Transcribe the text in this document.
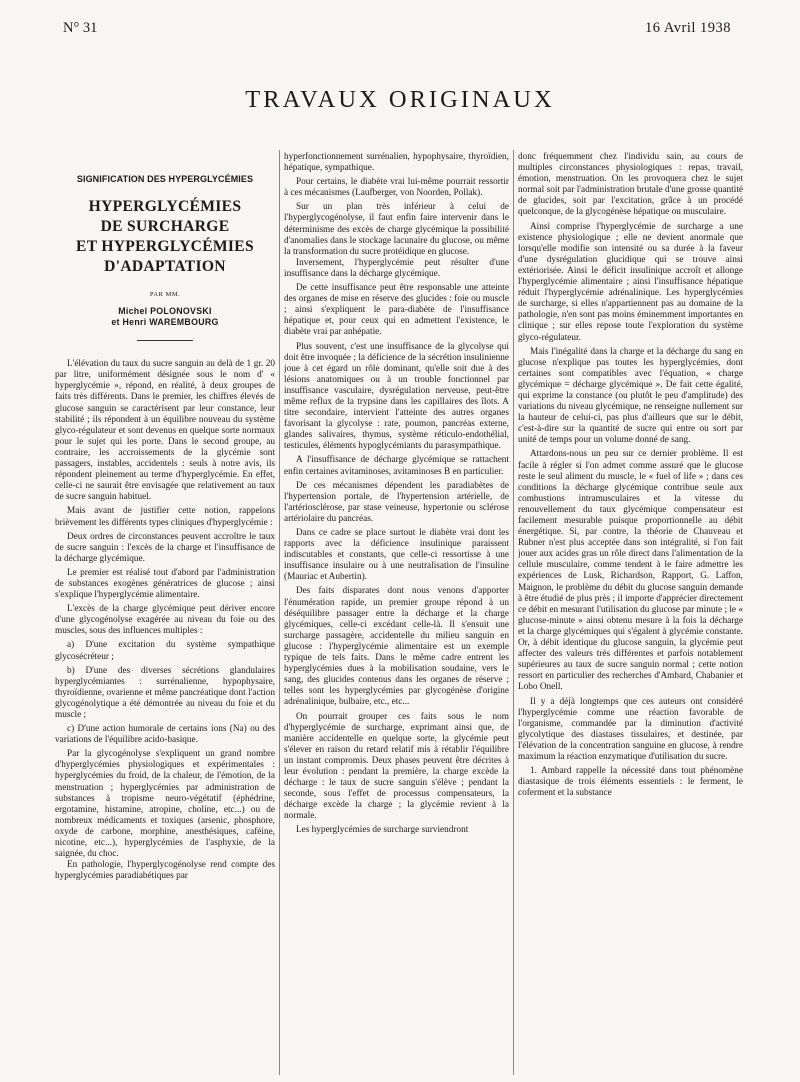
N° 31	16 Avril 1938
TRAVAUX ORIGINAUX
SIGNIFICATION DES HYPERGLYCÉMIES
HYPERGLYCÉMIES
DE SURCHARGE
ET HYPERGLYCÉMIES
D'ADAPTATION
PAR MM.
Michel POLONOVSKI
et Henri WAREMBOURG

L'élévation du taux du sucre sanguin au delà de 1 gr. 20 par litre, uniformément désignée sous le nom d' « hyperglycémie », répond, en réalité, à deux groupes de faits très différents. Dans le premier, les chiffres élevés de glucose sanguin se caractérisent par leur constance, leur stabilité ; ils répondent à un équilibre nouveau du système glyco-régulateur et sont devenus en quelque sorte normaux pour le sujet qui les porte. Dans le second groupe, au contraire, les accroissements de la glycémie sont passagers, instables, accidentels : seuls à notre avis, ils répondent pleinement au terme d'hyperglycémie. En effet, celle-ci ne saurait être envisagée que relativement au taux de sucre sanguin habituel.

Mais avant de justifier cette notion, rappelons brièvement les différents types cliniques d'hyperglycémie :

Deux ordres de circonstances peuvent accroître le taux de sucre sanguin : l'excès de la charge et l'insuffisance de la décharge glycémique.

Le premier est réalisé tout d'abord par l'administration de substances exogènes génératrices de glucose ; ainsi s'explique l'hyperglycémie alimentaire.

L'excès de la charge glycémique peut dériver encore d'une glycogénolyse exagérée au niveau du foie ou des muscles, sous des influences multiples :

a) D'une excitation du système sympathique glycosécréteur ;

b) D'une des diverses sécrétions glandulaires hyperglycémiantes : surrénalienne, hypophysaire, thyroïdienne, ovarienne et même pancréatique dont l'action glycogénolytique a été démontrée au niveau du foie et du muscle ;

c) D'une action humorale de certains ions (Na) ou des variations de l'équilibre acido-basique.

Par la glycogénolyse s'expliquent un grand nombre d'hyperglycémies physiologiques et expérimentales : hyperglycémies du froid, de la chaleur, de l'émotion, de la menstruation ; hyperglycémies par administration de substances à tropisme neuro-végétatif (éphédrine, ergotamine, histamine, atropine, choline, etc...) ou de nombreux médicaments et toxiques (arsenic, phosphore, oxyde de carbone, morphine, anesthésiques, caféine, nicotine, etc...), hyperglycémies de l'asphyxie, de la saignée, du choc.

En pathologie, l'hyperglycogénolyse rend compte des hyperglycémies paradiabétiques par

hyperfonctionnement surrénalien, hypophysaire, thyroïdien, hépatique, sympathique.

Pour certains, le diabète vrai lui-même pourrait ressortir à ces mécanismes (Laufberger, von Noorden, Pollak).

Sur un plan très inférieur à celui de l'hyperglycogénolyse, il faut enfin faire intervenir dans le déterminisme des excès de charge glycémique la possibilité d'anomalies dans le stockage lacunaire du glucose, ou même la transformation du sucre protéidique en glucose.

Inversement, l'hyperglycémie peut résulter d'une insuffisance dans la décharge glycémique.

De cette insuffisance peut être responsable une atteinte des organes de mise en réserve des glucides : foie ou muscle ; ainsi s'expliquent le para-diabète de l'insuffisance hépatique et, pour ceux qui en admettent l'existence, le diabète vrai par anhépatie.

Plus souvent, c'est une insuffisance de la glycolyse qui doit être invoquée ; la déficience de la sécrétion insulinienne joue à cet égard un rôle dominant, qu'elle soit due à des lésions anatomiques ou à un trouble fonctionnel par insuffisance vasculaire, dysrégulation nerveuse, peut-être même reflux de la trypsine dans les capillaires des îlots. A titre secondaire, intervient l'atteinte des autres organes favorisant la glycolyse : rate, poumon, pancréas externe, glandes salivaires, thymus, système réticulo-endothélial, testicules, éléments hypoglycémiants du parasympathique.

A l'insuffisance de décharge glycémique se rattachent enfin certaines avitaminoses, avitaminoses B en particulier.

De ces mécanismes dépendent les paradiabètes de l'hypertension portale, de l'hypertension artérielle, de l'artériosclérose, par stase veineuse, hypertonie ou sclérose artériolaire du pancréas.

Dans ce cadre se place surtout le diabète vrai dont les rapports avec la déficience insulinique paraissent indiscutables et constants, que celle-ci ressortisse à une insuffisance insulaire ou à une neutralisation de l'insuline (Mauriac et Aubertin).

Des faits disparates dont nous venons d'apporter l'énumération rapide, un premier groupe répond à un déséquilibre passager entre la décharge et la charge glycémiques, celle-ci excédant celle-là. Il s'ensuit une surcharge passagère, accidentelle du milieu sanguin en glucose : l'hyperglycémie alimentaire est un exemple typique de tels faits. Dans le même cadre entrent les hyperglycémies dues à la mobilisation soudaine, vers le sang, des glucides contenus dans les organes de réserve ; telles sont les hyperglycémies par glycogénèse d'origine adrénalinique, bulbaire, etc., etc...

On pourrait grouper ces faits sous le nom d'hyperglycémie de surcharge, exprimant ainsi que, de manière accidentelle en quelque sorte, la glycémie peut s'élever en raison du retard relatif mis à rétablir l'équilibre un instant compromis. Deux phases peuvent être décrites à leur évolution : pendant la première, la charge excède la décharge : le taux de sucre sanguin s'élève ; pendant la seconde, sous l'effet de processus compensateurs, la décharge excède la charge ; la glycémie revient à la normale.

Les hyperglycémies de surcharge surviendront

donc fréquemment chez l'individu sain, au cours de multiples circonstances physiologiques : repas, travail, émotion, menstruation. On les provoquera chez le sujet normal soit par l'administration brutale d'une grosse quantité de glucides, soit par l'excitation, grâce à un procédé quelconque, de la glycogénèse hépatique ou musculaire.

Ainsi comprise l'hyperglycémie de surcharge a une existence physiologique ; elle ne devient anormale que lorsqu'elle modifie son intensité ou sa durée à la faveur d'une dysrégulation glucidique qui se trouve ainsi extériorisée. Ainsi le déficit insulinique accroît et allonge l'hyperglycémie alimentaire ; ainsi l'insuffisance hépatique réduit l'hyperglycémie adrénalinique. Les hyperglycémies de surcharge, si elles n'appartiennent pas au domaine de la pathologie, n'en sont pas moins éminemment importantes en clinique ; sur elles repose toute l'exploration du système glyco-régulateur.

Mais l'inégalité dans la charge et la décharge du sang en glucose n'explique pas toutes les hyperglycémies, dont certaines sont compatibles avec l'équation, « charge glycémique = décharge glycémique ». De fait cette égalité, qui exprime la constance (ou plutôt le peu d'amplitude) des variations du niveau glycémique, ne renseigne nullement sur la hauteur de celui-ci, pas plus d'ailleurs que sur le débit, c'est-à-dire sur la quantité de sucre qui entre ou sort par unité de temps pour un volume donné de sang.

Attardons-nous un peu sur ce dernier problème. Il est facile à régler si l'on admet comme assuré que le glucose reste le seul aliment du muscle, le « fuel of life » ; dans ces conditions la décharge glycémique contribue seule aux combustions intramusculaires et la vitesse du renouvellement du taux glycémique compensateur est facilement mesurable puisque proportionnelle au débit énergétique. Si, par contre, la théorie de Chauveau et Rubner n'est plus acceptée dans son intégralité, si l'on fait jouer aux acides gras un rôle direct dans l'alimentation de la cellule musculaire, comme tendent à le faire admettre les expériences de Lusk, Richardson, Rapport, G. Laffon, Maignon, le problème du débit du glucose sanguin demande à être étudié de plus près ; il importe d'apprécier directement ce débit en mesurant l'utilisation du glucose par minute ; le « glucose-minute » ainsi obtenu mesure à la fois la décharge et la charge glycémiques qui s'égalent à glycémie constante. Or, à débit identique du glucose sanguin, la glycémie peut affecter des valeurs très différentes et parfois notablement supérieures au taux de sucre sanguin normal ; cette notion ressort en particulier des recherches d'Ambard, Chabanier et Lobo Onell.

Il y a déjà longtemps que ces auteurs ont considéré l'hyperglycémie comme une réaction favorable de l'organisme, commandée par la diminution d'activité glycolytique des diastases tissulaires, et destinée, par l'élévation de la concentration sanguine en glucose, à rendre maximum la réaction enzymatique d'utilisation du sucre.

1. Ambard rappelle la nécessité dans tout phénomène diastasique de trois éléments essentiels : le ferment, le coferment et la substance
